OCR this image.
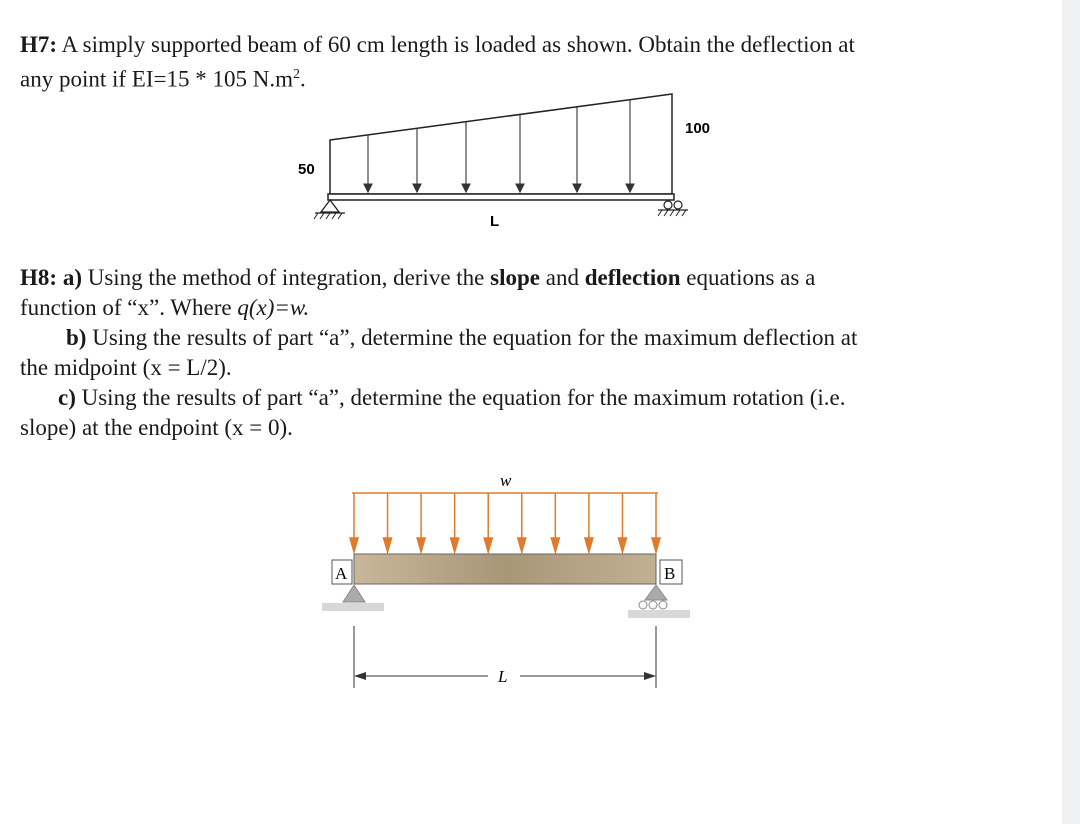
H7: A simply supported beam of 60 cm length is loaded as shown. Obtain the deflection at
any point if EI=15 * 105 $N.m^2$.
50
100
L
H8: a) Using the method of integration, derive the slope and deflection equations as a
function of “x”. Where q(x)=w.
b) Using the results of part “a”, determine the equation for the maximum deflection at
the midpoint (x = L/2).
c) Using the results of part “a”, determine the equation for the maximum rotation (i.e.
slope) at the endpoint (x = 0).
w
A	B
L
